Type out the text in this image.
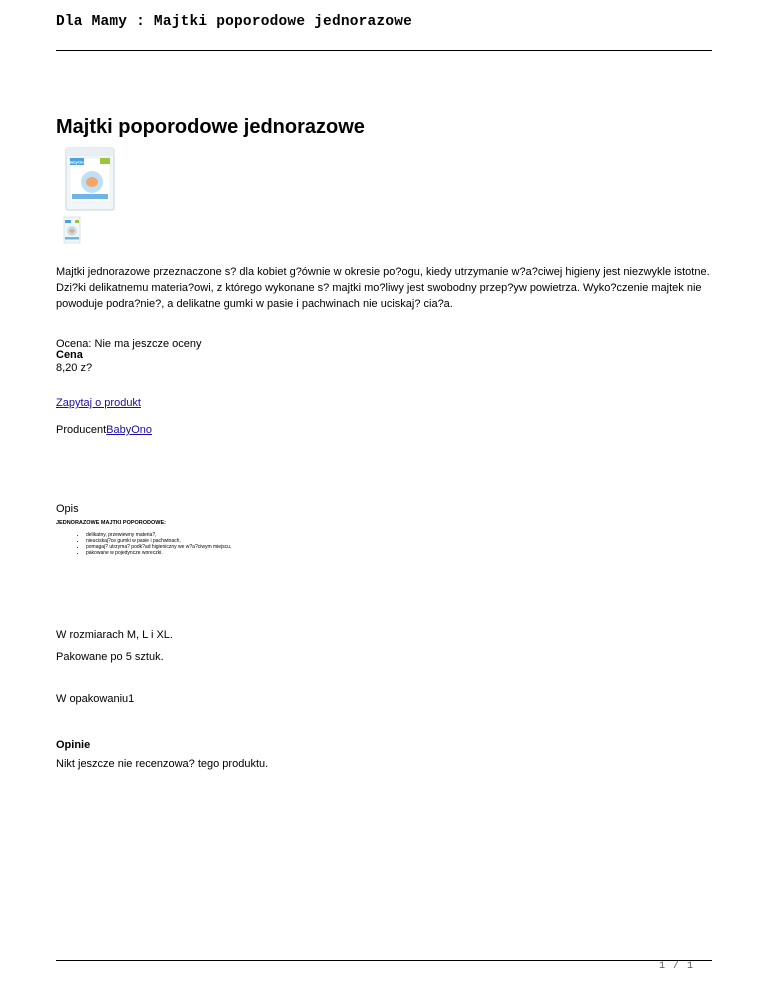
Dla Mamy : Majtki poporodowe jednorazowe
Majtki poporodowe jednorazowe
BabyOno

Majtki jednorazowe przeznaczone s? dla kobiet g?ównie w okresie po?ogu, kiedy utrzymanie w?a?ciwej higieny jest niezwykle istotne. Dzi?ki delikatnemu materia?owi, z którego wykonane s? majtki mo?liwy jest swobodny przep?yw powietrza. Wyko?czenie majtek nie powoduje podra?nie?, a delikatne gumki w pasie i pachwinach nie uciskaj? cia?a.

Ocena: Nie ma jeszcze oceny
Cena
8,20 z?
Zapytaj o produkt
ProducentBabyOno
Opis

JEDNORAZOWE MAJTKI POPORODOWE:

• delikatny, przewiewny materia?,
• nieuciskaj?ce gumki w pasie i pachwinach,
• pomagaj? utrzyma? podk?ad higieniczny we w?a?ciwym miejscu,
• pakowane w pojedyncze woreczki.
W rozmiarach M, L i XL.
Pakowane po 5 sztuk.
W opakowaniu1
Opinie
Nikt jeszcze nie recenzowa? tego produktu.
1 / 1
